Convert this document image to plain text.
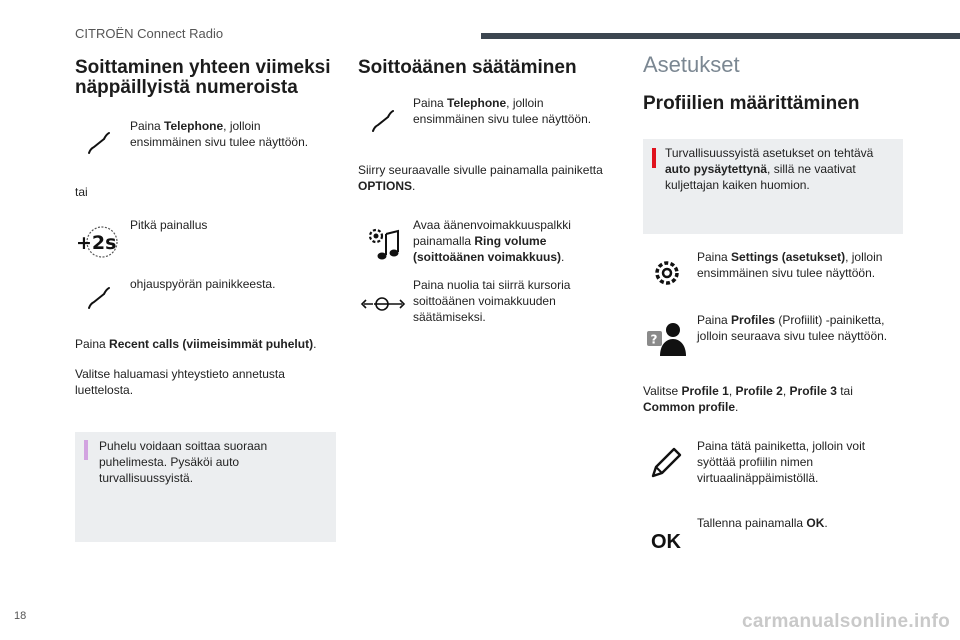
CITROËN Connect Radio
Soittaminen yhteen viimeksi
näppäillyistä numeroista
Paina Telephone, jolloin ensimmäinen sivu tulee näyttöön.
tai
+2s
Pitkä painallus
ohjauspyörän painikkeesta.
Paina Recent calls (viimeisimmät puhelut).
Valitse haluamasi yhteystieto annetusta luettelosta.
Puhelu voidaan soittaa suoraan puhelimesta. Pysäköi auto turvallisuussyistä.
Soittoäänen säätäminen
Paina Telephone, jolloin ensimmäinen sivu tulee näyttöön.
Siirry seuraavalle sivulle painamalla painiketta OPTIONS.
Avaa äänenvoimakkuuspalkki painamalla Ring volume (soittoäänen voimakkuus).
Paina nuolia tai siirrä kursoria soittoäänen voimakkuuden säätämiseksi.
Asetukset
Profiilien määrittäminen
Turvallisuussyistä asetukset on tehtävä auto pysäytettynä, sillä ne vaativat kuljettajan kaiken huomion.
Paina Settings (asetukset), jolloin ensimmäinen sivu tulee näyttöön.
?
Paina Profiles (Profiilit) -painiketta, jolloin seuraava sivu tulee näyttöön.
Valitse Profile 1, Profile 2, Profile 3 tai Common profile.
Paina tätä painiketta, jolloin voit syöttää profiilin nimen virtuaalinäppäimistöllä.
OK
Tallenna painamalla OK.
18	carmanualsonline.info
